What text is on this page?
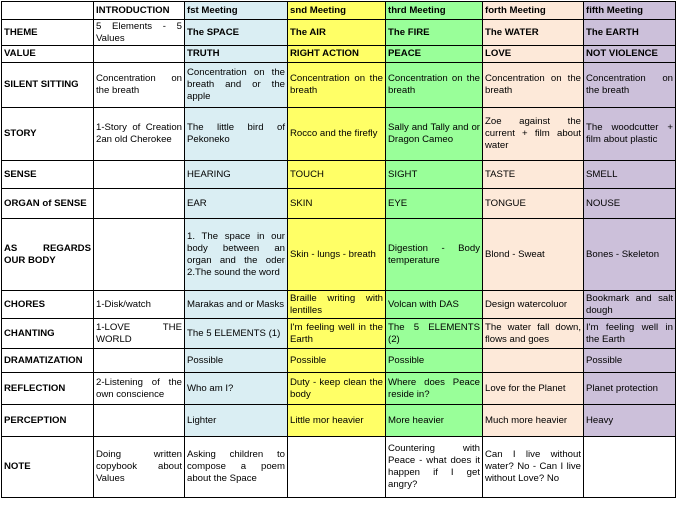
	INTRODUCTION	fst Meeting	snd Meeting	thrd Meeting	forth Meeting	fifth Meeting
THEME	5 Elements - 5 Values	The SPACE	The AIR	The FIRE	The WATER	The EARTH
VALUE		TRUTH	RIGHT ACTION	PEACE	LOVE	NOT VIOLENCE
SILENT SITTING	Concentration on the breath	Concentration on the breath and or the apple	Concentration on the breath	Concentration on the breath	Concentration on the breath	Concentration on the breath
STORY	1-Story of Creation 2an old Cherokee	The little bird of Pekoneko	Rocco and the firefly	Sally and Tally and or Dragon Cameo	Zoe against the current + film about water	The woodcutter + film about plastic
SENSE		HEARING	TOUCH	SIGHT	TASTE	SMELL
ORGAN of SENSE		EAR	SKIN	EYE	TONGUE	NOUSE
AS REGARDS OUR BODY		1. The space in our body between an organ and the oder 2.The sound the word	Skin - lungs - breath	Digestion - Body temperature	Blond - Sweat	Bones - Skeleton
CHORES	1-Disk/watch	Marakas and or Masks	Braille writing with lentilles	Volcan with DAS	Design watercoluor	Bookmark and salt dough
CHANTING	1-LOVE THE WORLD	The 5 ELEMENTS (1)	I'm feeling well in the Earth	The 5 ELEMENTS (2)	The water fall down, flows and goes	I'm feeling well in the Earth
DRAMATIZATION		Possible	Possible	Possible		Possible
REFLECTION	2-Listening of the own conscience	Who am I?	Duty - keep clean the body	Where does Peace reside in?	Love for the Planet	Planet protection
PERCEPTION		Lighter	Little mor heavier	More heavier	Much more heavier	Heavy
NOTE	Doing written copybook about Values	Asking children to compose a poem about the Space		Countering with Peace - what does it happen if I get angry?	Can I live without water? No - Can I live without Love? No	
